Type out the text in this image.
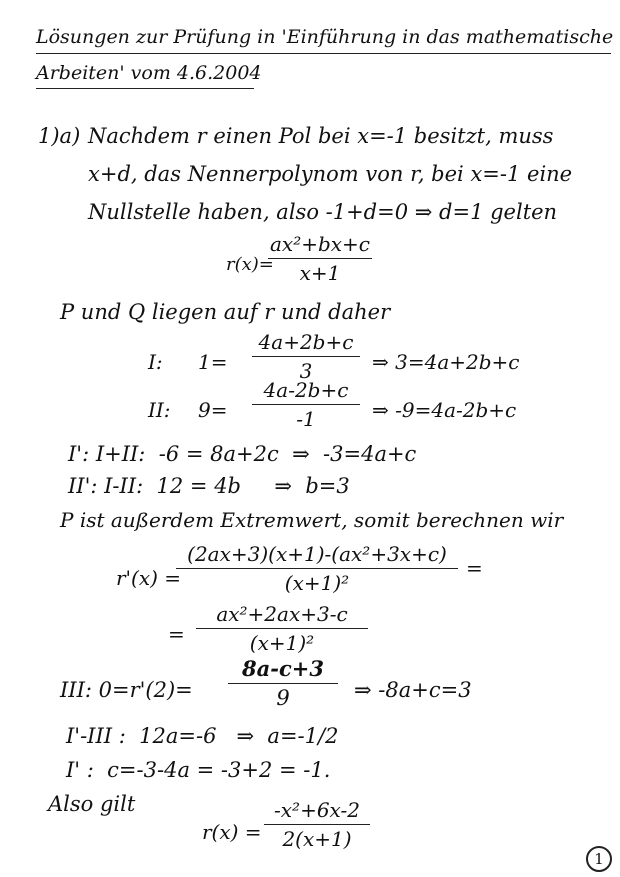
Lösungen zur Prüfung in 'Einführung in das mathematische
Arbeiten' vom 4.6.2004
1)a) Nachdem r einen Pol bei x=-1 besitzt, muss
x+d, das Nennerpolynom von r, bei x=-1 eine
Nullstelle haben, also -1+d=0 ⇒ d=1 gelten
r(x)=
ax²+bx+c
x+1
P und Q liegen auf r und daher
I: 1=
4a+2b+c
3	⇒ 3=4a+2b+c
II: 9=
4a-2b+c
-1	⇒ -9=4a-2b+c
I': I+II:  -6 = 8a+2c  ⇒  -3=4a+c
II': I-II:  12 = 4b     ⇒  b=3
P ist außerdem Extremwert, somit berechnen wir
r'(x) =
(2ax+3)(x+1)-(ax²+3x+c)
(x+1)²
=
=
ax²+2ax+3-c
(x+1)²
III: 0=r'(2)=
8a-c+3
9	⇒ -8a+c=3
I'-III :  12a=-6   ⇒  a=-1/2
I' :  c=-3-4a = -3+2 = -1.
Also gilt
r(x) =
-x²+6x-2
2(x+1)
1
